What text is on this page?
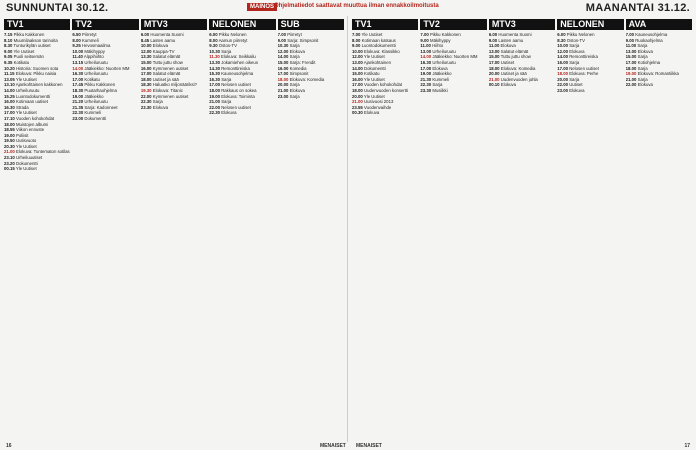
SUNNUNTAI 30.12.	MAINOS Ohjelmatiedot saattavat muuttua ilman ennakkoilmoitusta	MAANANTAI 31.12.
TV1
7.15 Pikku Kakkonen
8.10 Muumilaakson tarinoita
8.30 Tunturikylän uutiset
9.00 Yle Uutiset
9.05 Puoli seitsemän
9.35 Kotikatu
10.20 Historia: Suomen sota
11.15 Elokuva: Pikku naisia
13.05 Yle Uutiset
13.10 Ajankohtainen kakkonen
14.00 Urheiluruutu
15.25 Luontodokumentti
16.00 Kotimaan uutiset
16.30 Strada
17.00 Yle Uutiset
17.10 Vuoden kohokohdat
18.00 Muistojen albumi
18.55 Viikon ennuste
19.00 Poliisit
19.50 Uutisvuoto
20.30 Yle Uutiset
21.00 Elokuva: Tuntematon sotilas
23.10 Urheiluuutiset
23.20 Dokumentti
00.15 Yle Uutiset
TV2
6.50 Piirretyt
8.00 Kummeli
9.25 Hevosmaailma
10.00 Mäkihyppy
11.40 Alppihiihto
13.15 Urheiluruutu
14.00 Jääkiekko: Nuorten MM
16.30 Urheiluruutu
17.00 Kotikatu
17.45 Pikku Kakkonen
18.30 Puutarhaohjelma
19.00 Jääkiekko
21.20 Urheiluruutu
21.35 Sarja: Kadonneet
22.30 Kummeli
23.00 Dokumentti
MTV3
6.00 Huomenta Suomi
8.45 Lasten aamu
10.00 Elokuva
12.00 Kauppa-TV
13.30 Salatut elämät
15.00 Tuttu juttu show
16.00 Kymmenen uutiset
17.00 Salatut elämät
18.00 Uutiset ja sää
18.30 Haluatko miljonääriksi?
19.30 Elokuva: Titanic
22.00 Kymmenen uutiset
22.30 Sarja
23.30 Elokuva
NELONEN
6.00 Pikku Nelonen
8.00 Aamun piirretyt
9.30 Ostos-TV
10.30 Sarja
11.30 Elokuva: Seikkailu
13.30 Jokamiehen oikeus
14.30 Remonttireiska
15.30 Kauneusohjelma
16.30 Sarja
17.00 Nelosen uutiset
18.00 Rakkaus on sokea
19.00 Elokuva: Toiminta
21.00 Sarja
22.00 Nelosen uutiset
22.30 Elokuva
SUB
7.00 Piirretyt
9.00 Sarja: Simpsonit
10.30 Sarja
12.00 Elokuva
14.00 Sarja
15.00 Sarja: Frendit
16.00 Komedia
17.00 Simpsonit
18.00 Elokuva: Komedia
20.00 Sarja
21.00 Elokuva
23.00 Sarja
TV1
7.00 Yle Uutiset
8.00 Kotimaan katsaus
9.00 Luontodokumentti
10.00 Elokuva: Klassikko
12.00 Yle Uutiset
13.00 Ajankohtainen
14.00 Dokumentti
15.00 Kotikatu
16.00 Yle Uutiset
17.00 Vuoden kohokohdat
18.00 Uudenvuoden konsertti
20.00 Yle Uutiset
21.00 Uusivuosi 2013
23.55 Vuodenvaihde
00.30 Elokuva
TV2
7.00 Pikku Kakkonen
9.00 Mäkihyppy
11.00 Hiihto
13.00 Urheiluruutu
14.00 Jääkiekko: Nuorten MM
16.30 Urheiluruutu
17.00 Elokuva
19.00 Jääkiekko
21.30 Kummeli
22.30 Sarja
23.30 Musiikki
MTV3
6.00 Huomenta Suomi
9.00 Lasten aamu
11.00 Elokuva
13.00 Salatut elämät
15.00 Tuttu juttu show
17.00 Uutiset
18.00 Elokuva: Komedia
20.00 Uutiset ja sää
21.00 Uudenvuoden juhla
00.10 Elokuva
NELONEN
6.00 Pikku Nelonen
8.30 Ostos-TV
10.00 Sarja
12.00 Elokuva
14.00 Remonttireiska
16.00 Sarja
17.00 Nelosen uutiset
18.00 Elokuva: Perhe
20.00 Sarja
22.00 Uutiset
23.00 Elokuva
AVA
7.00 Kauneusohjelma
9.00 Ruokaohjelma
11.00 Sarja
13.00 Elokuva
15.00 Sarja
17.00 Kotiohjelma
18.00 Sarja
19.00 Elokuva: Romantiikka
21.00 Sarja
22.00 Elokuva
16	MENAISET MENAISET	17
